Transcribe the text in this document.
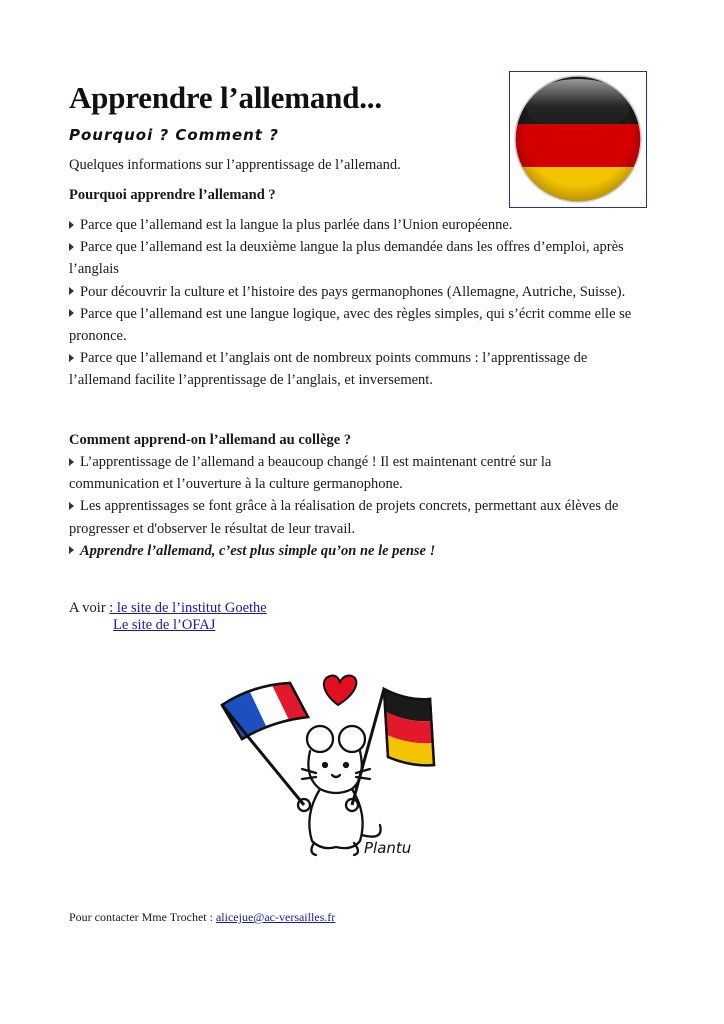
Apprendre l’allemand...

Pourquoi ? Comment ?

Quelques informations sur l’apprentissage de l’allemand.

Pourquoi apprendre l’allemand ?

Parce que l’allemand est la langue la plus parlée dans l’Union européenne.
Parce que l’allemand est la deuxième langue la plus demandée dans les offres d’emploi, après l’anglais
Pour découvrir la culture et l’histoire des pays germanophones (Allemagne, Autriche, Suisse).
Parce que l’allemand est une langue logique, avec des règles simples, qui s’écrit comme elle se prononce.
Parce que l’allemand et l’anglais ont de nombreux points communs : l’apprentissage de l’allemand facilite l’apprentissage de l’anglais, et inversement.

Comment apprend-on l’allemand au collège ?

L’apprentissage de l’allemand a beaucoup changé ! Il est maintenant centré sur la communication et l’ouverture à la culture germanophone.
Les apprentissages se font grâce à la réalisation de projets concrets, permettant aux élèves de progresser et d'observer le résultat de leur travail.
Apprendre l’allemand, c’est plus simple qu’on ne le pense !
A voir : le site de l’institut Goethe
Le site de l’OFAJ
Plantu
Pour contacter Mme Trochet : alicejue@ac-versailles.fr
